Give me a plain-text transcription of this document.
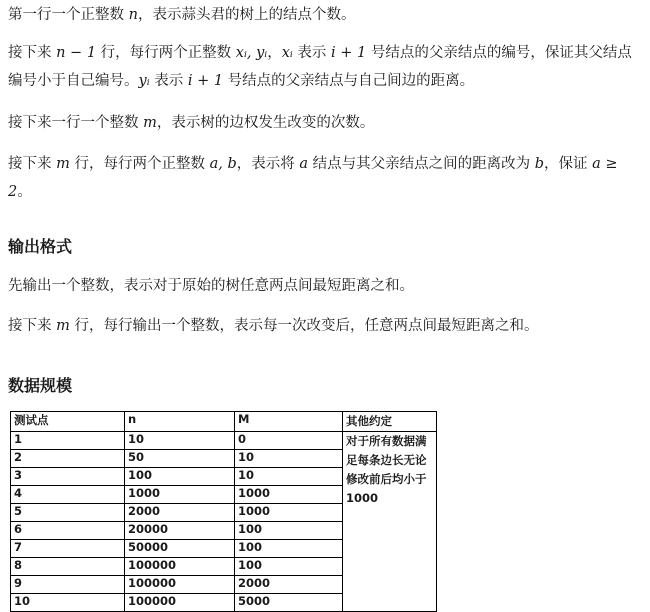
第一行一个正整数 n，表示蒜头君的树上的结点个数。

接下来 n − 1 行，每行两个正整数 xᵢ, yᵢ，xᵢ 表示 i + 1 号结点的父亲结点的编号，保证其父结点编号小于自己编号。yᵢ 表示 i + 1 号结点的父亲结点与自己间边的距离。

接下来一行一个整数 m，表示树的边权发生改变的次数。

接下来 m 行，每行两个正整数 a, b，表示将 a 结点与其父亲结点之间的距离改为 b，保证 a ≥ 2。

输出格式

先输出一个整数，表示对于原始的树任意两点间最短距离之和。

接下来 m 行，每行输出一个整数，表示每一次改变后，任意两点间最短距离之和。

数据规模
测试点	n	M	其他约定
1	10	0	对于所有数据满
足每条边长无论
修改前后均小于
1000

2	50	10	
3	100	10	
4	1000	1000	
5	2000	1000	
6	20000	100	
7	50000	100	
8	100000	100	
9	100000	2000	
10	100000	5000	
